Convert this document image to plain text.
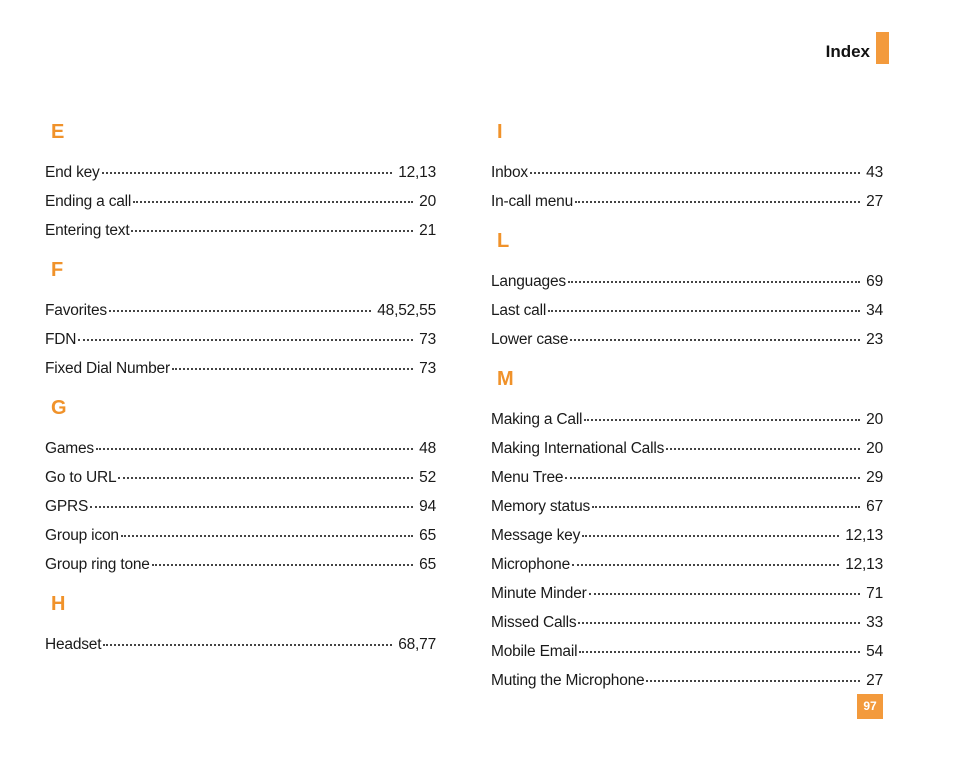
Index
E
End key	12,13
Ending a call	20
Entering text	21
F
Favorites	48,52,55
FDN	73
Fixed Dial Number	73
G
Games	48
Go to URL	52
GPRS	94
Group icon	65
Group ring tone	65
H
Headset	68,77
I
Inbox	43
In-call menu	27
L
Languages	69
Last call	34
Lower case	23
M
Making a Call	20
Making International Calls	20
Menu Tree	29
Memory status	67
Message key	12,13
Microphone	12,13
Minute Minder	71
Missed Calls	33
Mobile Email	54
Muting the Microphone	27
97
